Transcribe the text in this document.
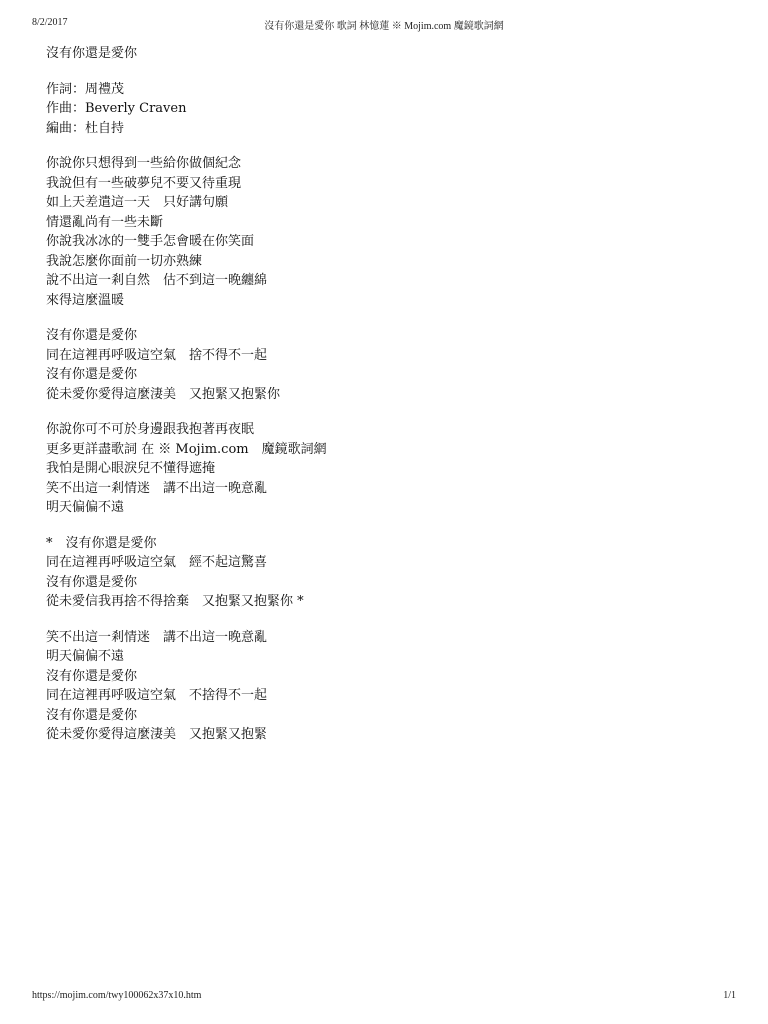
8/2/2017	沒有你還是愛你 歌詞 林憶蓮 ※ Mojim.com 魔鏡歌詞網
沒有你還是愛你
作詞：周禮茂
作曲：Beverly Craven
編曲：杜自持
你說你只想得到一些給你做個紀念
我說但有一些破夢兒不要又待重現
如上天差遣這一天　只好講句願
情還亂尚有一些未斷
你說我冰冰的一雙手怎會暖在你笑面
我說怎麼你面前一切亦熟練
說不出這一剎自然　估不到這一晚纏綿
來得這麼溫暖
沒有你還是愛你
同在這裡再呼吸這空氣　捨不得不一起
沒有你還是愛你
從未愛你愛得這麼淒美　又抱緊又抱緊你
你說你可不可於身邊跟我抱著再夜眠
更多更詳盡歌詞 在 ※ Mojim.com　魔鏡歌詞網
我怕是開心眼淚兒不懂得遮掩
笑不出這一剎情迷　講不出這一晚意亂
明天偏偏不遠
*　沒有你還是愛你
同在這裡再呼吸這空氣　經不起這驚喜
沒有你還是愛你
從未愛信我再捨不得捨棄　又抱緊又抱緊你 *
笑不出這一剎情迷　講不出這一晚意亂
明天偏偏不遠
沒有你還是愛你
同在這裡再呼吸這空氣　不捨得不一起
沒有你還是愛你
從未愛你愛得這麼淒美　又抱緊又抱緊
https://mojim.com/twy100062x37x10.htm	1/1
